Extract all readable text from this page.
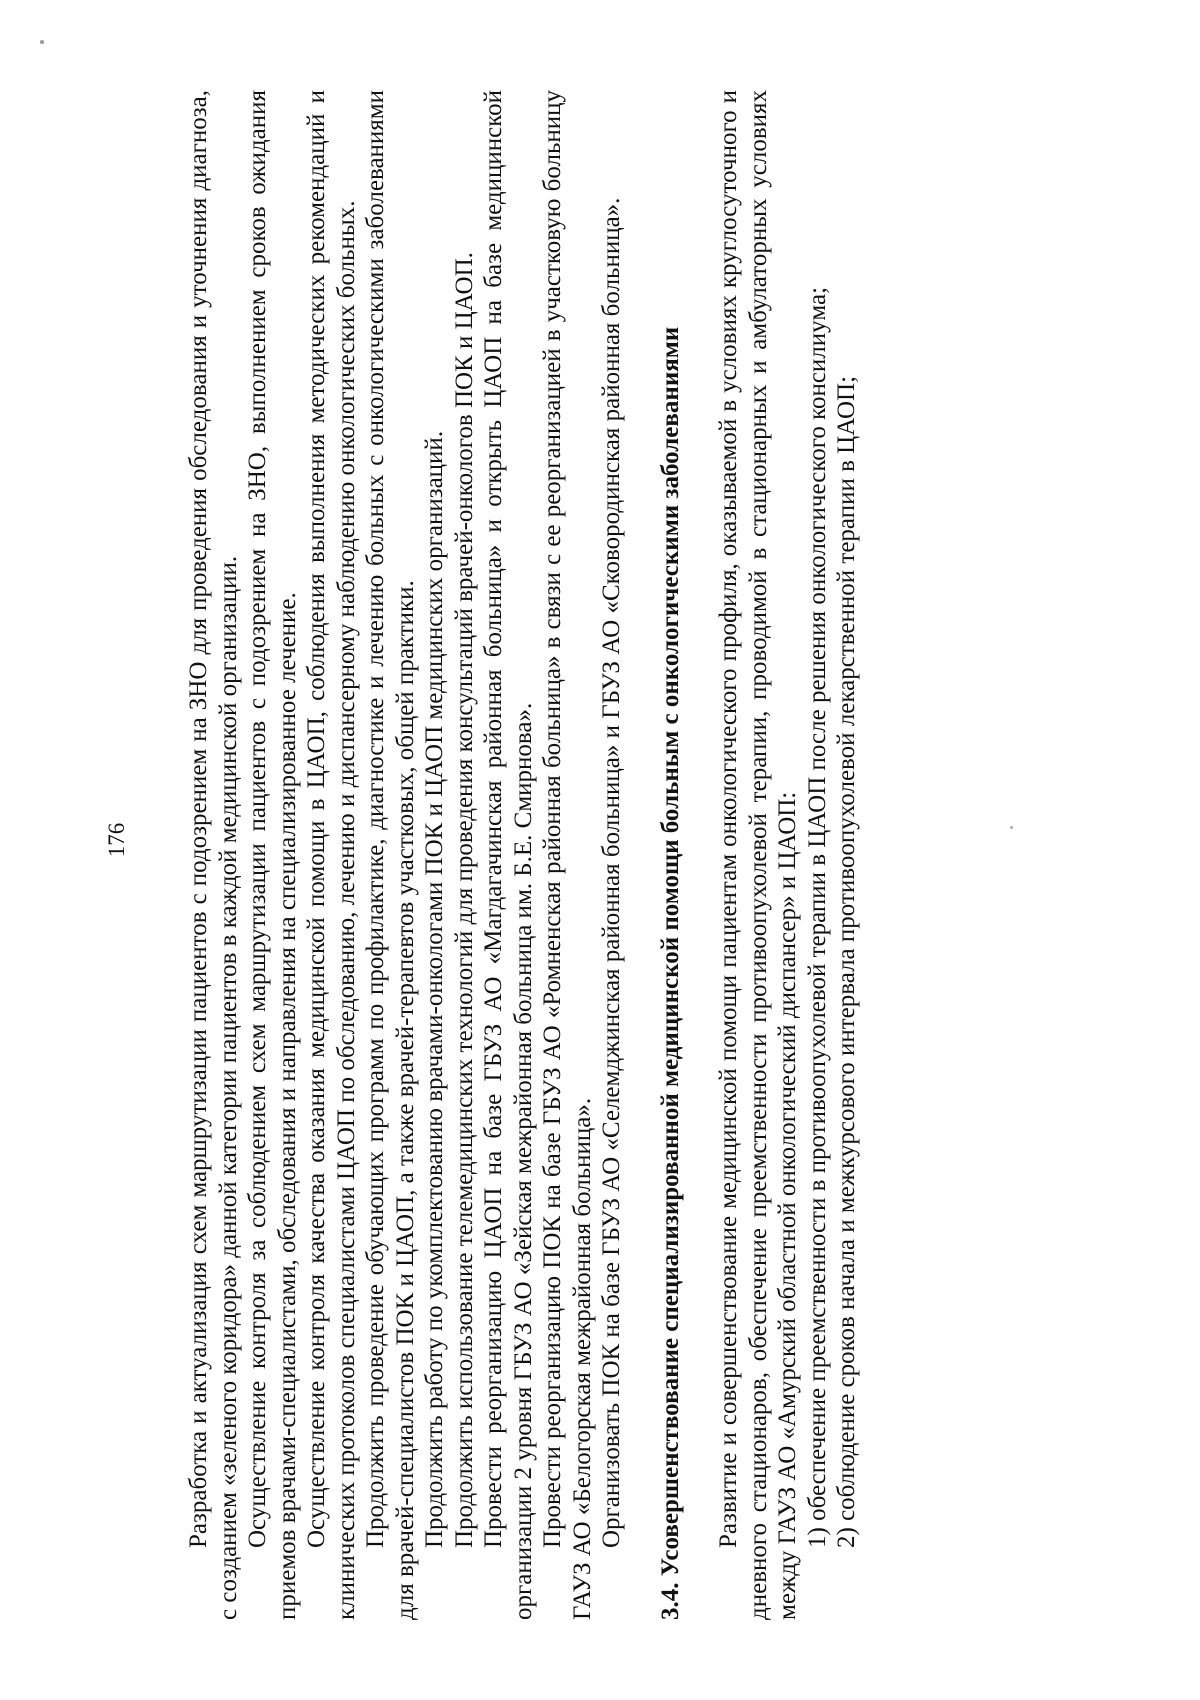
176 Разработка и актуализация схем маршрутизации пациентов с подозрением на ЗНО для проведения обследования и уточнения диагноза, с созданием «зеленого коридора» данной категории пациентов в каждой медицинской организации. Осуществление контроля за соблюдением схем маршрутизации пациентов с подозрением на ЗНО, выполнением сроков ожидания приемов врачами-специалистами, обследования и направления на специализированное лечение. Осуществление контроля качества оказания медицинской помощи в ЦАОП, соблюдения выполнения методических рекомендаций и клинических протоколов специалистами ЦАОП по обследованию, лечению и диспансерному наблюдению онкологических больных. Продолжить проведение обучающих программ по профилактике, диагностике и лечению больных с онкологическими заболеваниями для врачей-специалистов ПОК и ЦАОП, а также врачей-терапевтов участковых, общей практики. Продолжить работу по укомплектованию врачами-онкологами ПОК и ЦАОП медицинских организаций. Продолжить использование телемедицинских технологий для проведения консультаций врачей-онкологов ПОК и ЦАОП. Провести реорганизацию ЦАОП на базе ГБУЗ АО «Магдагачинская районная больница» и открыть ЦАОП на базе медицинской организации 2 уровня ГБУЗ АО «Зейская межрайонная больница им. Б.Е. Смирнова». Провести реорганизацию ПОК на базе ГБУЗ АО «Ромненская районная больница» в связи с ее реорганизацией в участковую больницу ГАУЗ АО «Белогорская межрайонная больница». Организовать ПОК на базе ГБУЗ АО «Селемджинская районная больница» и ГБУЗ АО «Сковородинская районная больница». 3.4. Усовершенствование специализированной медицинской помощи больным с онкологическими заболеваниями Развитие и совершенствование медицинской помощи пациентам онкологического профиля, оказываемой в условиях круглосуточного и дневного стационаров, обеспечение преемственности противоопухолевой терапии, проводимой в стационарных и амбулаторных условиях между ГАУЗ АО «Амурский областной онкологический диспансер» и ЦАОП: 1) обеспечение преемственности в противоопухолевой терапии в ЦАОП после решения онкологического консилиума; 2) соблюдение сроков начала и межкурсового интервала противоопухолевой лекарственной терапии в ЦАОП;
